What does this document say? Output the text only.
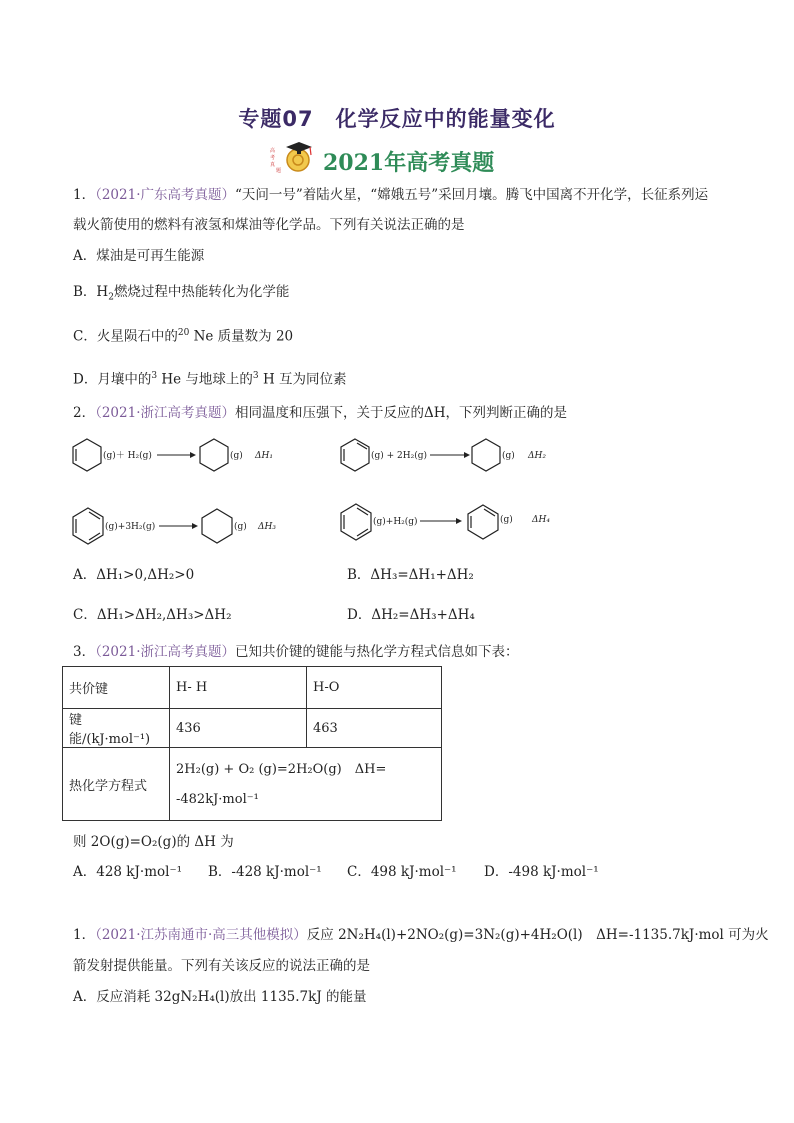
专题07　化学反应中的能量变化
高
考
真
题 2021年高考真题
1．（2021·广东高考真题）“天问一号”着陆火星，“嫦娥五号”采回月壤。腾飞中国离不开化学，长征系列运
载火箭使用的燃料有液氢和煤油等化学品。下列有关说法正确的是
A．煤油是可再生能源
B．$H_2$燃烧过程中热能转化为化学能
C．火星陨石中的$^{20}$ Ne 质量数为 20
D．月壤中的$^3$ He 与地球上的$^3$ H 互为同位素
2．（2021·浙江高考真题）相同温度和压强下，关于反应的ΔH，下列判断正确的是
(g)＋ H₂(g)	(g) ΔH₁	(g) + 2H₂(g)	(g) ΔH₂
(g)+3H₂(g)	(g) ΔH₃	(g)+H₂(g)	(g) ΔH₄
A．ΔH₁>0,ΔH₂>0	B．ΔH₃=ΔH₁+ΔH₂
C．ΔH₁>ΔH₂,ΔH₃>ΔH₂	D．ΔH₂=ΔH₃+ΔH₄
3．（2021·浙江高考真题）已知共价键的键能与热化学方程式信息如下表：
共价键	H- H	H-O
键能/(kJ·mol⁻¹)	436	463
热化学方程式	2H₂(g) + O₂ (g)=2H₂O(g)　ΔH=
-482kJ·mol⁻¹	
则 2O(g)=O₂(g)的 ΔH 为
A．428 kJ·mol⁻¹ B．-428 kJ·mol⁻¹ C．498 kJ·mol⁻¹ D．-498 kJ·mol⁻¹
1．（2021·江苏南通市·高三其他模拟）反应 2N₂H₄(l)+2NO₂(g)=3N₂(g)+4H₂O(l)　ΔH=-1135.7kJ·mol 可为火
箭发射提供能量。下列有关该反应的说法正确的是
A．反应消耗 32gN₂H₄(l)放出 1135.7kJ 的能量
